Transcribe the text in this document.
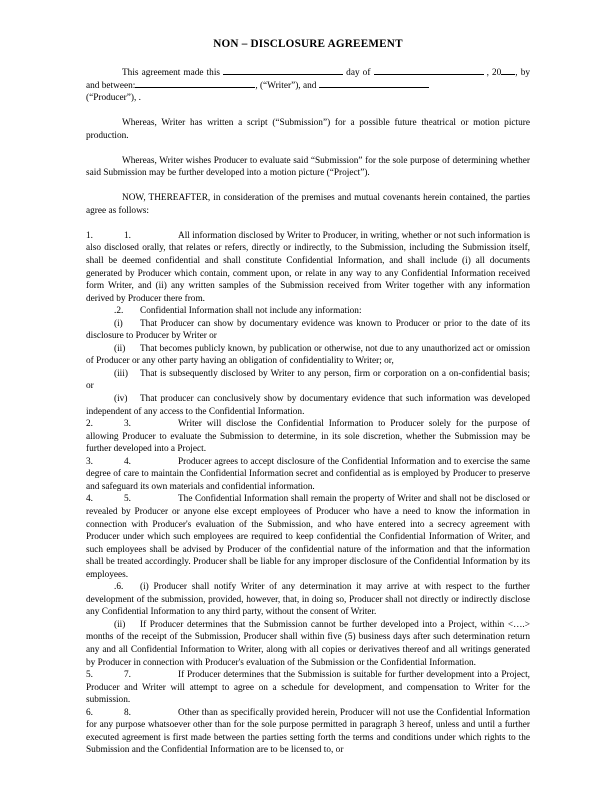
NON – DISCLOSURE AGREEMENT

This agreement made this	day of	, 20 , by and between:	, (“Writer”), and

(“Producer”), .

Whereas, Writer has written a script (“Submission”) for a possible future theatrical or motion picture production.

Whereas, Writer wishes Producer to evaluate said “Submission” for the sole purpose of determining whether said Submission may be further developed into a motion picture (“Project”).

NOW, THEREAFTER, in consideration of the premises and mutual covenants herein contained, the parties agree as follows:

1.	1.	All information disclosed by Writer to Producer, in writing, whether or not such information is also disclosed orally, that relates or refers, directly or indirectly, to the Submission, including the Submission itself, shall be deemed confidential and shall constitute Confidential Information, and shall include (i) all documents generated by Producer which contain, comment upon, or relate in any way to any Confidential Information received form Writer, and (ii) any written samples of the Submission received from Writer together with any information derived by Producer there from.

.2. Confidential Information shall not include any information:

(i) That Producer can show by documentary evidence was known to Producer or prior to the date of its disclosure to Producer by Writer or

(ii) That becomes publicly known, by publication or otherwise, not due to any unauthorized act or omission of Producer or any other party having an obligation of confidentiality to Writer; or,

(iii) That is subsequently disclosed by Writer to any person, firm or corporation on a on-confidential basis; or

(iv) That producer can conclusively show by documentary evidence that such information was developed independent of any access to the Confidential Information.

2.	3.	Writer will disclose the Confidential Information to Producer solely for the purpose of allowing Producer to evaluate the Submission to determine, in its sole discretion, whether the Submission may be further developed into a Project.

3.	4.	Producer agrees to accept disclosure of the Confidential Information and to exercise the same degree of care to maintain the Confidential Information secret and confidential as is employed by Producer to preserve and safeguard its own materials and confidential information.

4.	5.	The Confidential Information shall remain the property of Writer and shall not be disclosed or revealed by Producer or anyone else except employees of Producer who have a need to know the information in connection with Producer's evaluation of the Submission, and who have entered into a secrecy agreement with Producer under which such employees are required to keep confidential the Confidential Information of Writer, and such employees shall be advised by Producer of the confidential nature of the information and that the information shall be treated accordingly. Producer shall be liable for any improper disclosure of the Confidential Information by its employees.

.6. (i) Producer shall notify Writer of any determination it may arrive at with respect to the further development of the submission, provided, however, that, in doing so, Producer shall not directly or indirectly disclose any Confidential Information to any third party, without the consent of Writer.

(ii) If Producer determines that the Submission cannot be further developed into a Project, within <….> months of the receipt of the Submission, Producer shall within five (5) business days after such determination return any and all Confidential Information to Writer, along with all copies or derivatives thereof and all writings generated by Producer in connection with Producer's evaluation of the Submission or the Confidential Information.

5.	7.	If Producer determines that the Submission is suitable for further development into a Project, Producer and Writer will attempt to agree on a schedule for development, and compensation to Writer for the submission.

6.	8.	Other than as specifically provided herein, Producer will not use the Confidential Information for any purpose whatsoever other than for the sole purpose permitted in paragraph 3 hereof, unless and until a further executed agreement is first made between the parties setting forth the terms and conditions under which rights to the Submission and the Confidential Information are to be licensed to, or
